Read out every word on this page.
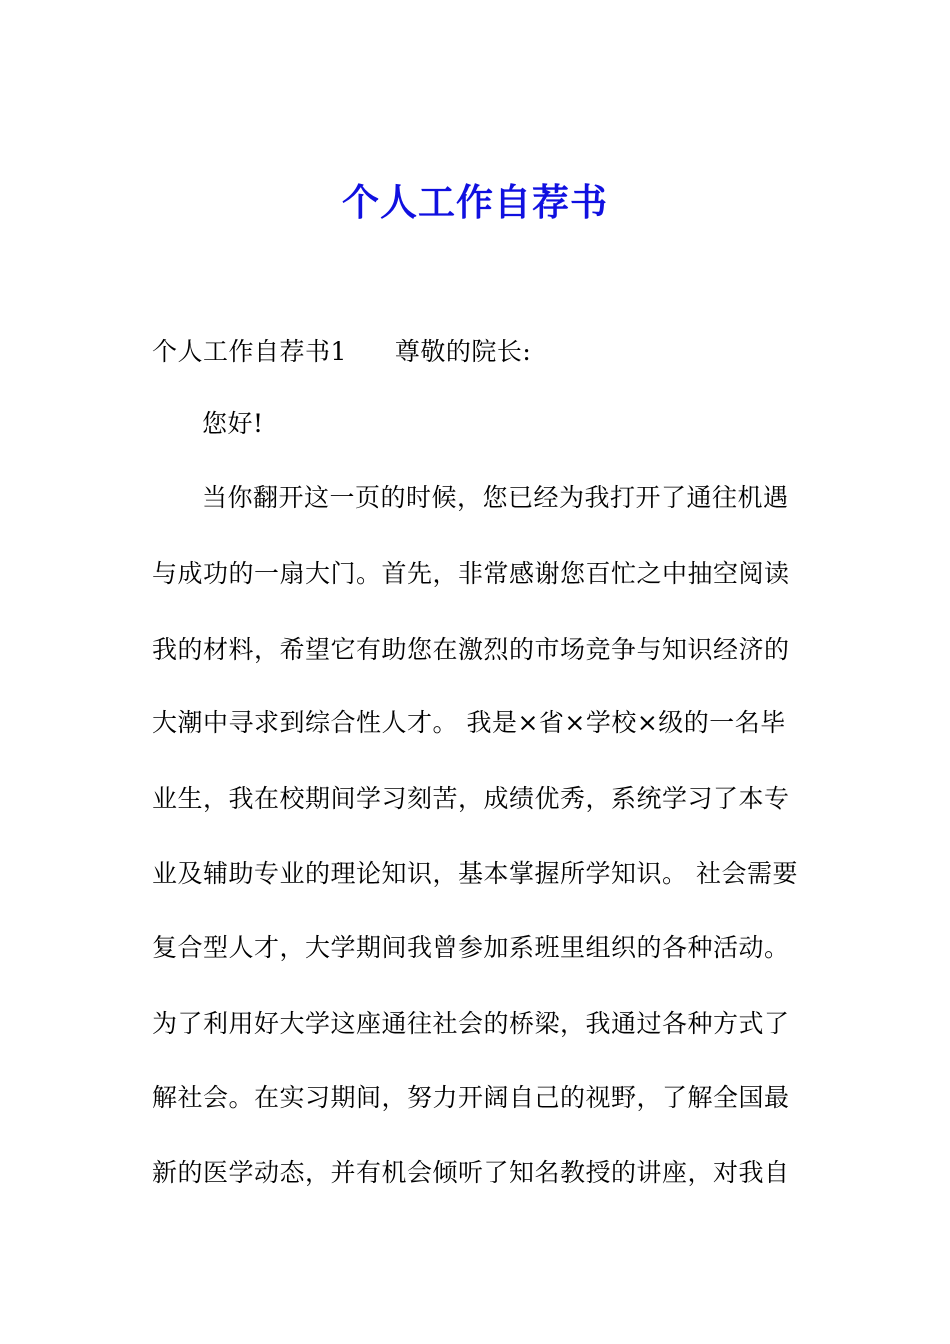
个人工作自荐书

个人工作自荐书1 尊敬的院长:

您好!

当你翻开这一页的时候，您已经为我打开了通往机遇

与成功的一扇大门。首先，非常感谢您百忙之中抽空阅读

我的材料，希望它有助您在激烈的市场竞争与知识经济的

大潮中寻求到综合性人才。 我是×省×学校×级的一名毕

业生，我在校期间学习刻苦，成绩优秀，系统学习了本专

业及辅助专业的理论知识，基本掌握所学知识。 社会需要

复合型人才，大学期间我曾参加系班里组织的各种活动。

为了利用好大学这座通往社会的桥梁，我通过各种方式了

解社会。在实习期间，努力开阔自己的视野，了解全国最

新的医学动态，并有机会倾听了知名教授的讲座，对我自
